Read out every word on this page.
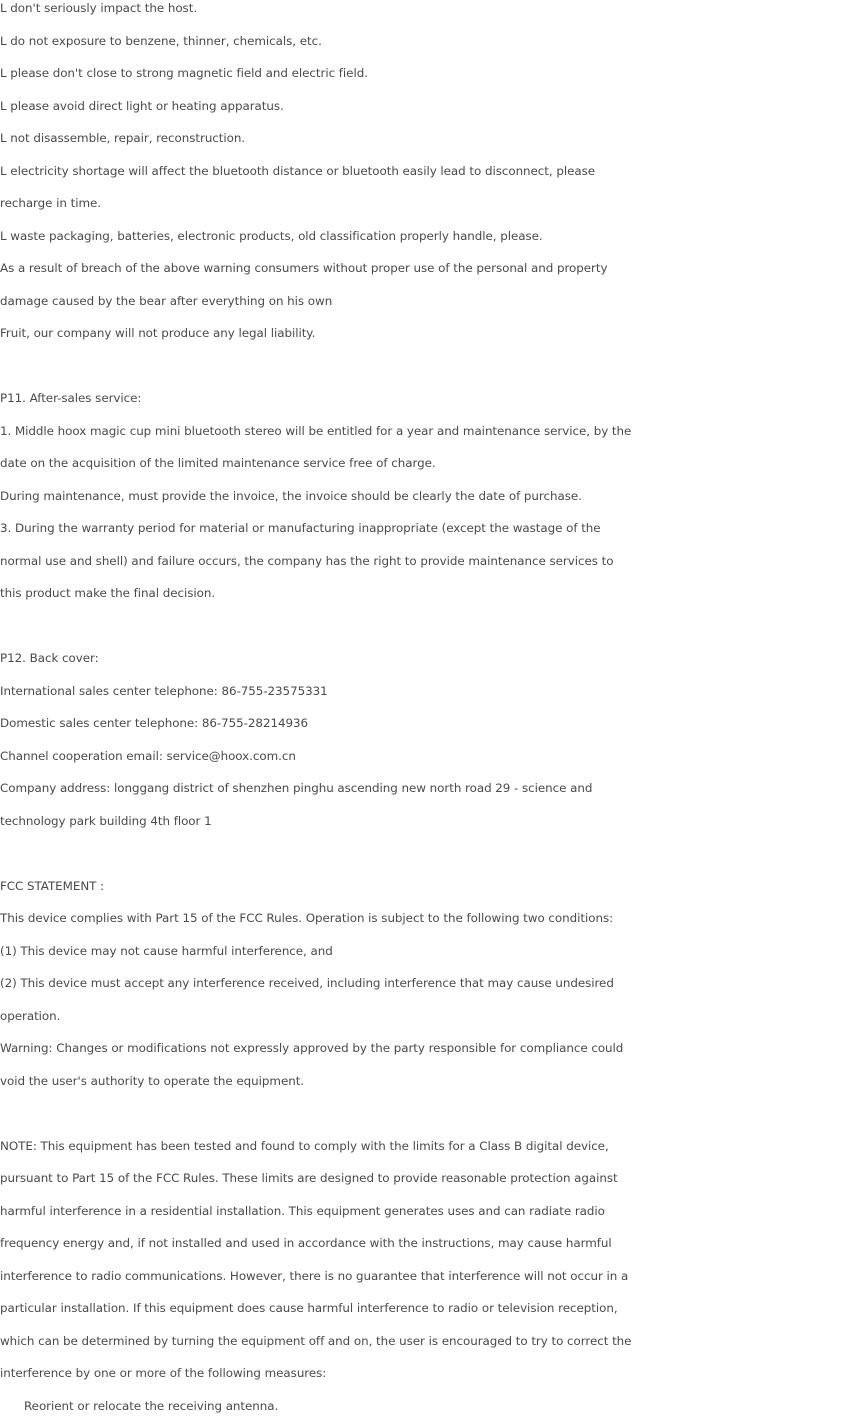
L don't seriously impact the host.
L do not exposure to benzene, thinner, chemicals, etc.
L please don't close to strong magnetic field and electric field.
L please avoid direct light or heating apparatus.
L not disassemble, repair, reconstruction.
L electricity shortage will affect the bluetooth distance or bluetooth easily lead to disconnect, please
recharge in time.
L waste packaging, batteries, electronic products, old classification properly handle, please.
As a result of breach of the above warning consumers without proper use of the personal and property
damage caused by the bear after everything on his own
Fruit, our company will not produce any legal liability.
P11. After-sales service:
1. Middle hoox magic cup mini bluetooth stereo will be entitled for a year and maintenance service, by the
date on the acquisition of the limited maintenance service free of charge.
During maintenance, must provide the invoice, the invoice should be clearly the date of purchase.
3. During the warranty period for material or manufacturing inappropriate (except the wastage of the
normal use and shell) and failure occurs, the company has the right to provide maintenance services to
this product make the final decision.
P12. Back cover:
International sales center telephone: 86-755-23575331
Domestic sales center telephone: 86-755-28214936
Channel cooperation email: service@hoox.com.cn
Company address: longgang district of shenzhen pinghu ascending new north road 29 - science and
technology park building 4th floor 1
FCC STATEMENT :
This device complies with Part 15 of the FCC Rules. Operation is subject to the following two conditions:
(1) This device may not cause harmful interference, and
(2) This device must accept any interference received, including interference that may cause undesired
operation.
Warning: Changes or modifications not expressly approved by the party responsible for compliance could
void the user's authority to operate the equipment.
NOTE: This equipment has been tested and found to comply with the limits for a Class B digital device,
pursuant to Part 15 of the FCC Rules. These limits are designed to provide reasonable protection against
harmful interference in a residential installation. This equipment generates uses and can radiate radio
frequency energy and, if not installed and used in accordance with the instructions, may cause harmful
interference to radio communications. However, there is no guarantee that interference will not occur in a
particular installation. If this equipment does cause harmful interference to radio or television reception,
which can be determined by turning the equipment off and on, the user is encouraged to try to correct the
interference by one or more of the following measures:
Reorient or relocate the receiving antenna.
